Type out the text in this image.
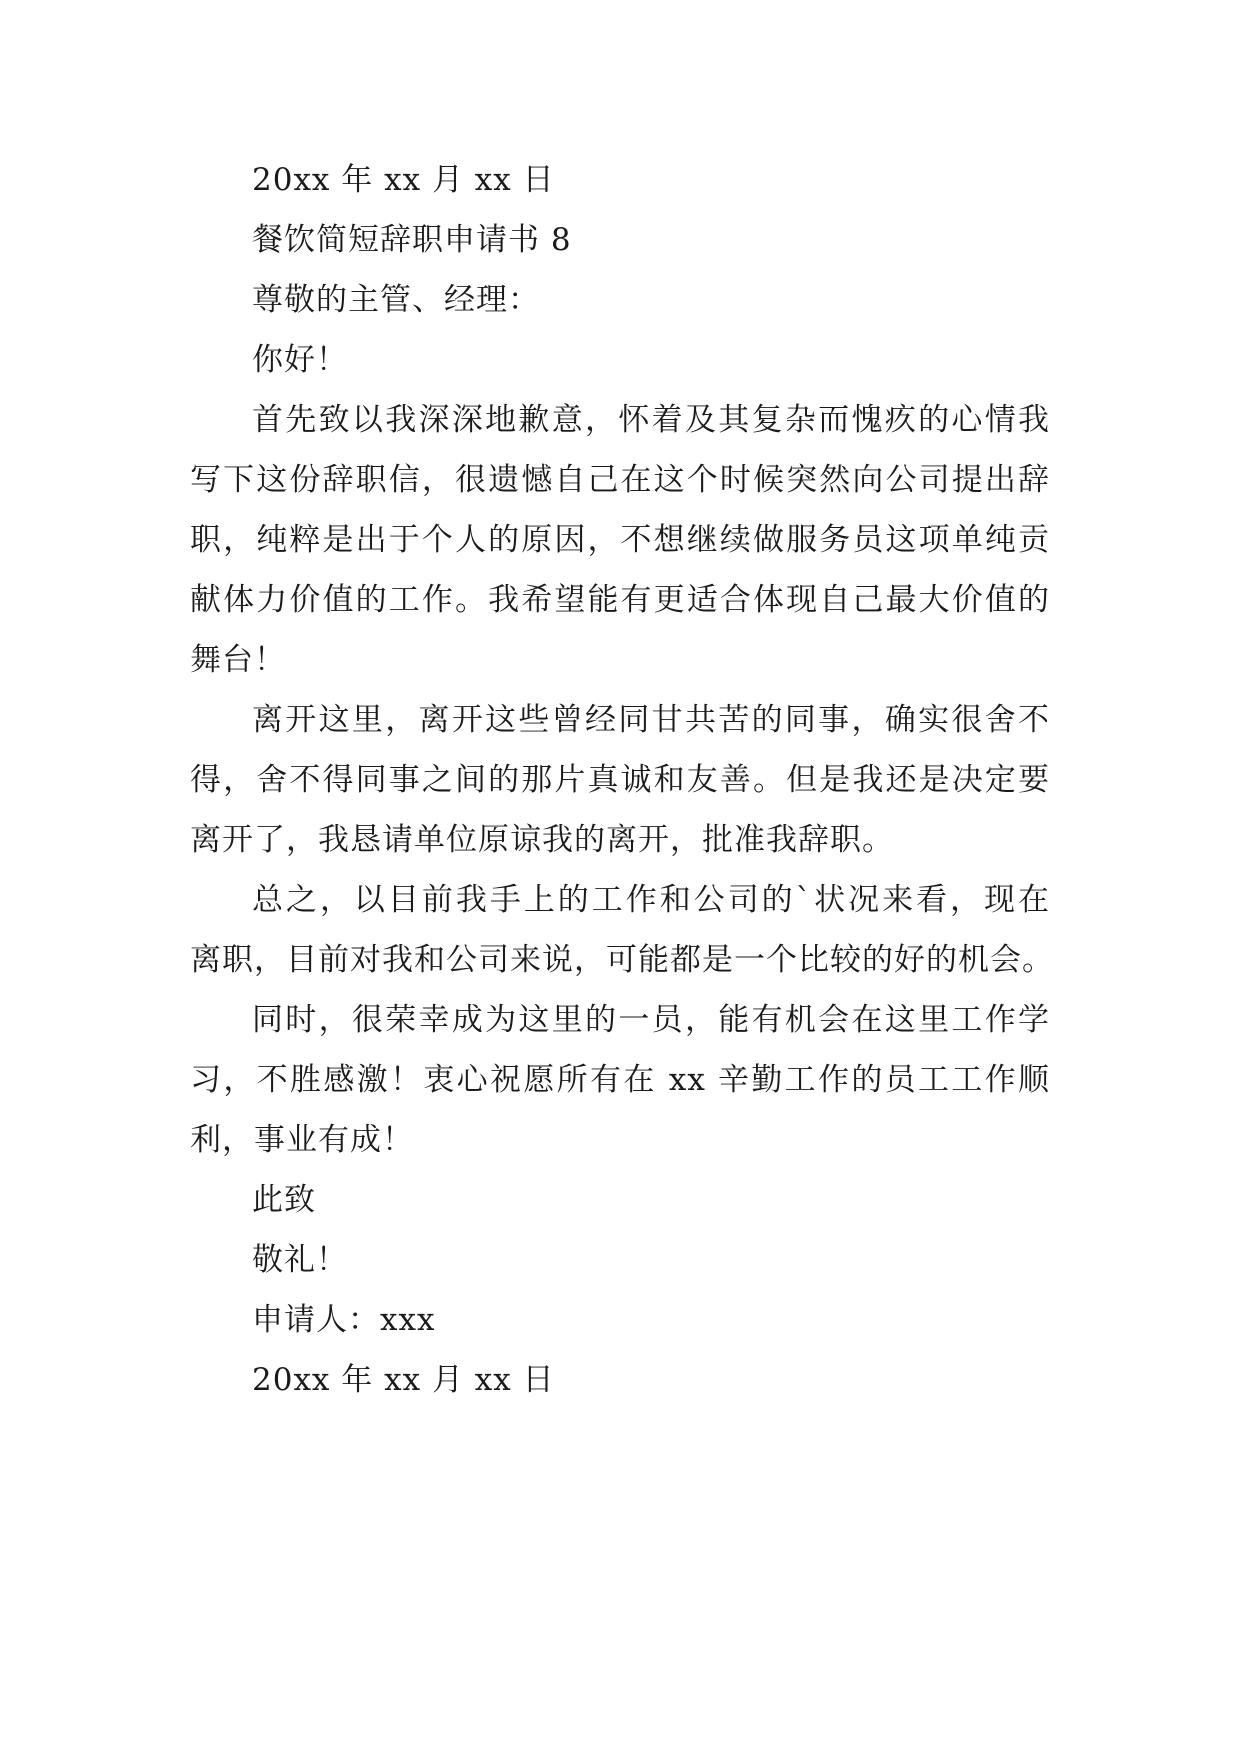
20xx 年 xx 月 xx 日

餐饮简短辞职申请书 8

尊敬的主管、经理：

你好！

首先致以我深深地歉意，怀着及其复杂而愧疚的心情我
写下这份辞职信，很遗憾自己在这个时候突然向公司提出辞
职，纯粹是出于个人的原因，不想继续做服务员这项单纯贡
献体力价值的工作。我希望能有更适合体现自己最大价值的
舞台！
离开这里，离开这些曾经同甘共苦的同事，确实很舍不
得，舍不得同事之间的那片真诚和友善。但是我还是决定要
离开了，我恳请单位原谅我的离开，批准我辞职。
总之，以目前我手上的工作和公司的`状况来看，现在
离职，目前对我和公司来说，可能都是一个比较的好的机会。
同时，很荣幸成为这里的一员，能有机会在这里工作学
习，不胜感激！衷心祝愿所有在 xx 辛勤工作的员工工作顺
利，事业有成！

此致

敬礼！

申请人：xxx

20xx 年 xx 月 xx 日
